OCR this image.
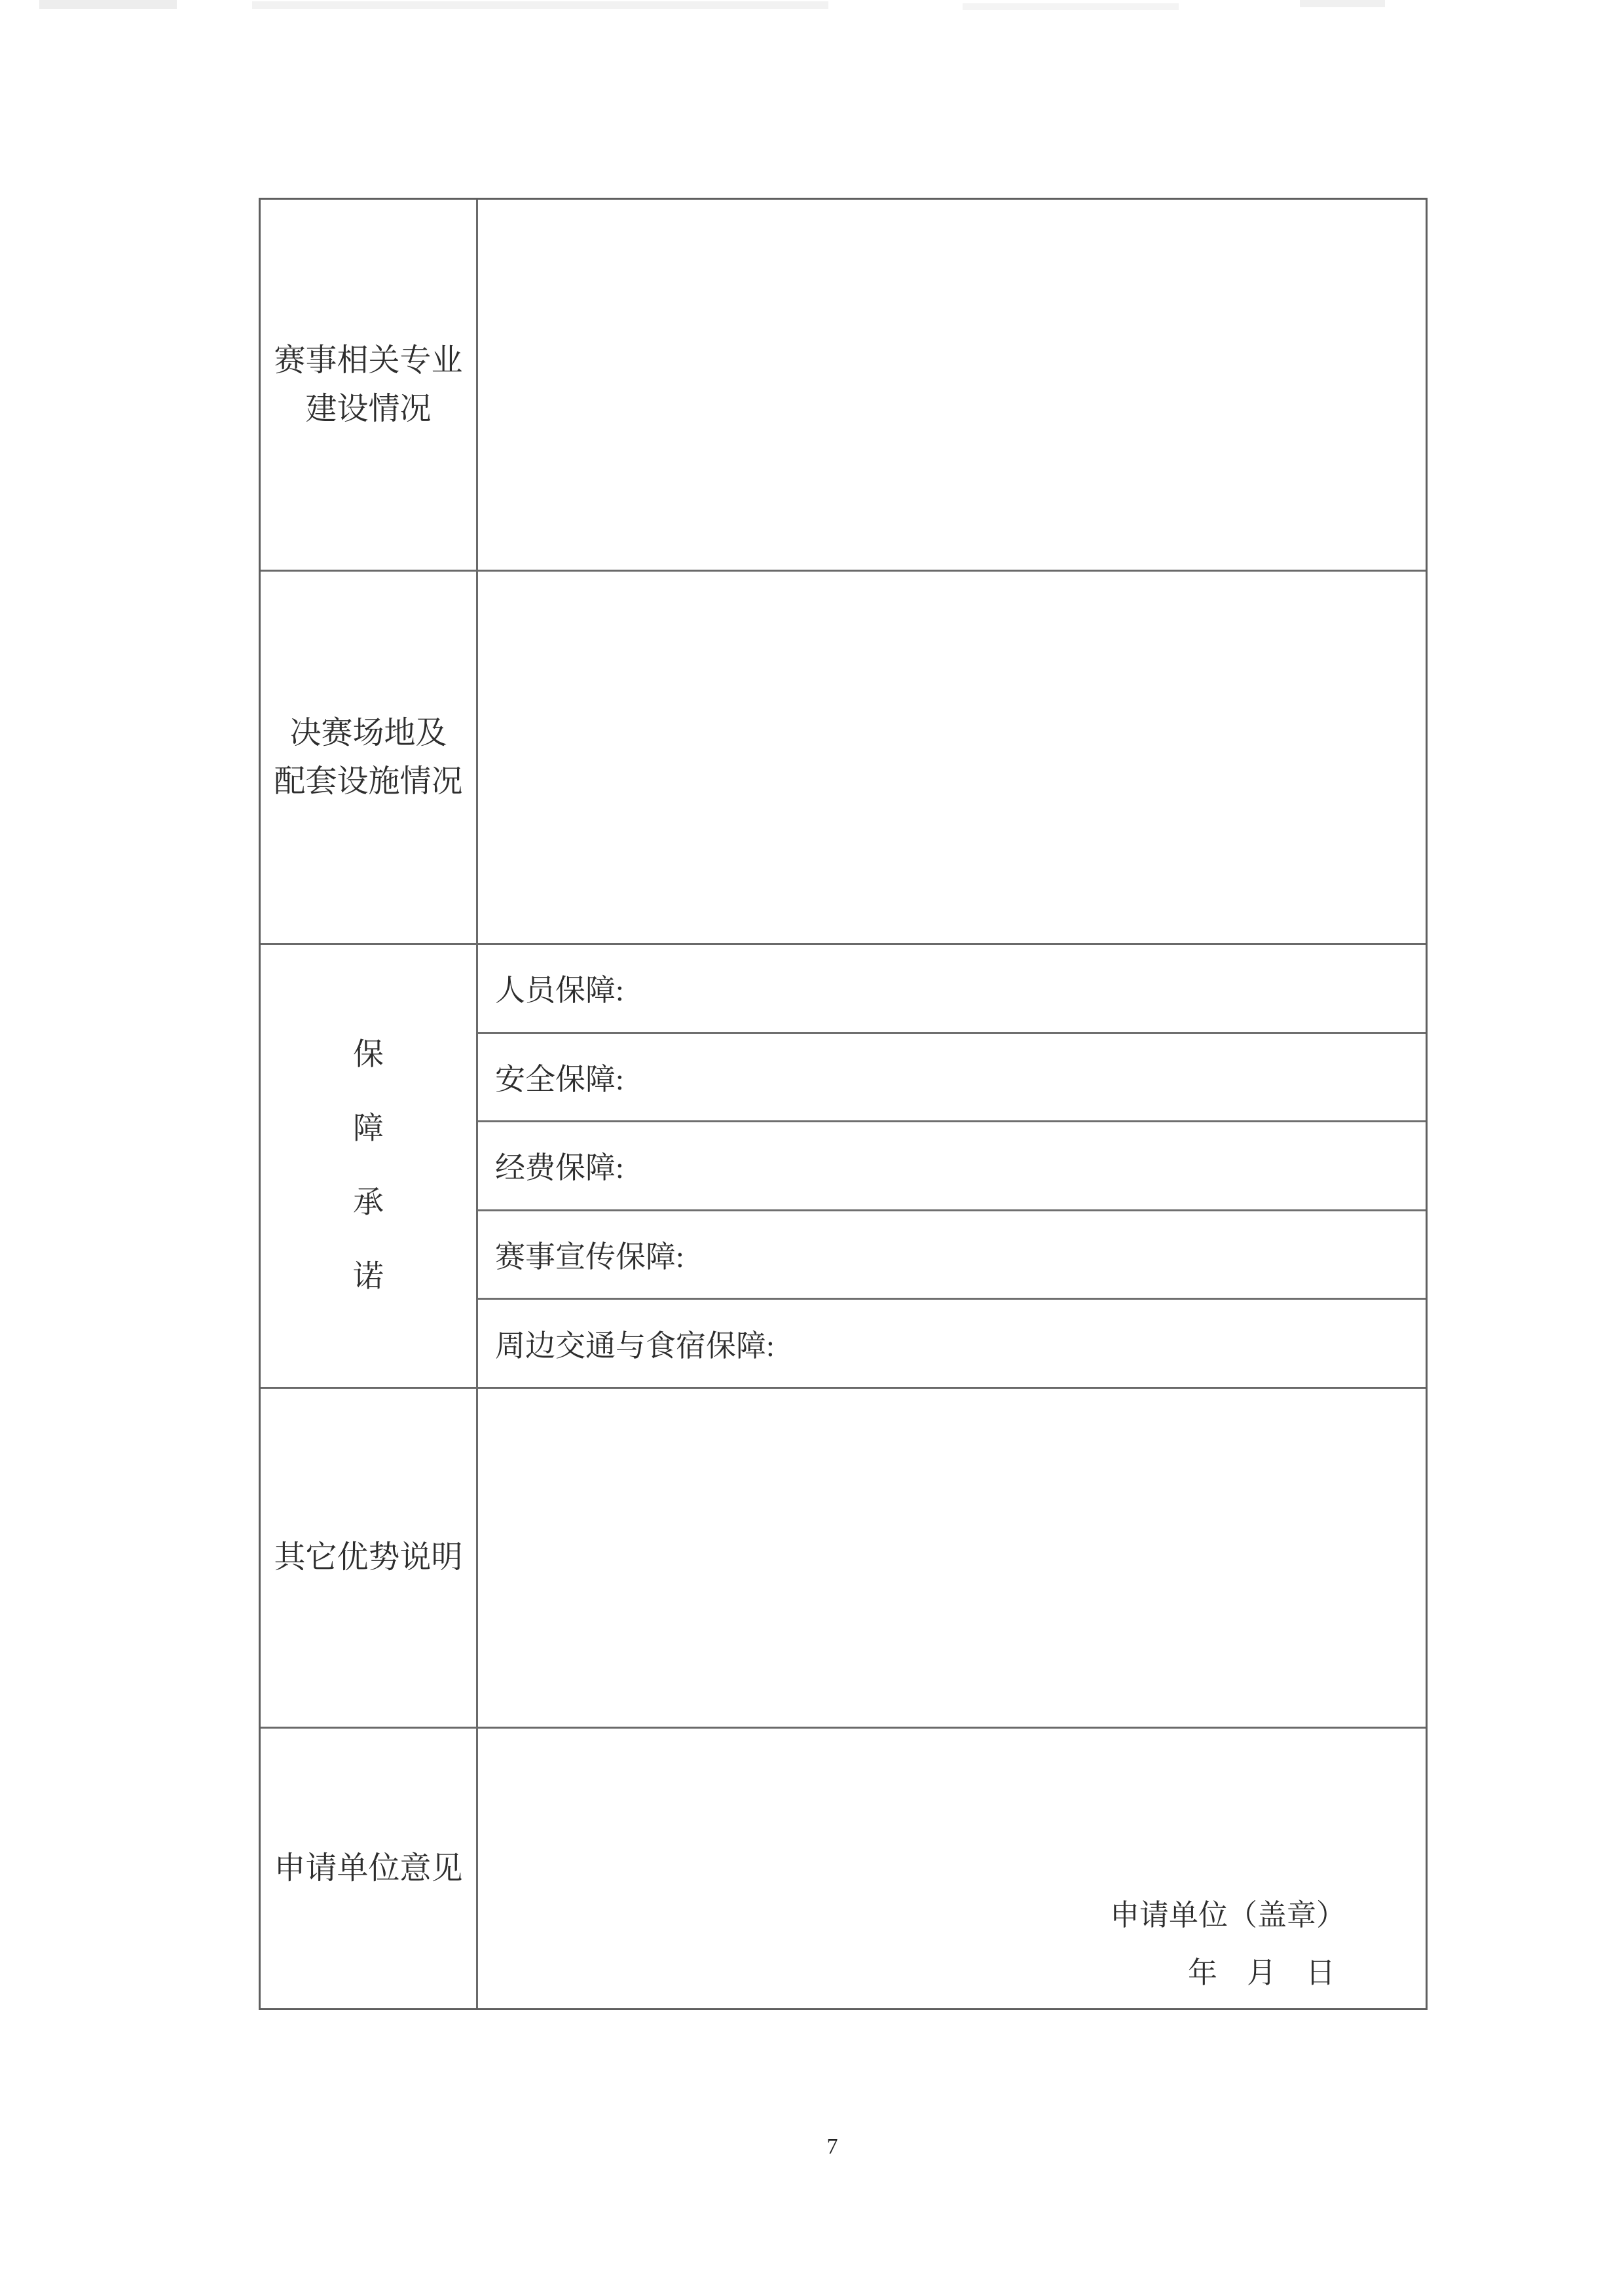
赛事相关专业
建设情况
决赛场地及
配套设施情况
保
障
承
诺
人员保障:
安全保障:
经费保障:
赛事宣传保障:
周边交通与食宿保障:
其它优势说明
申请单位意见
申请单位（盖章）
年　月　日
7
